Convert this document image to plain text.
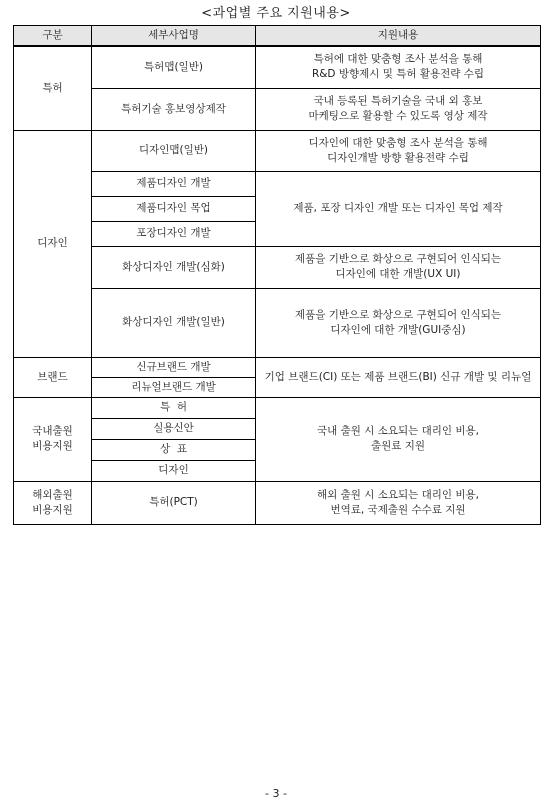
<과업별 주요 지원내용>
구분	세부사업명	지원내용
특허	특허맵(일반)	특허에 대한 맞춤형 조사 분석을 통해
R&D 방향제시 및 특허 활용전략 수립

	특허기술 홍보영상제작	국내 등록된 특허기술을 국내 외 홍보
마케팅으로 활용할 수 있도록 영상 제작

디자인	디자인맵(일반)	디자인에 대한 맞춤형 조사 분석을 통해
디자인개발 방향 활용전략 수립

	제품디자인 개발	제품, 포장 디자인 개발 또는 디자인 목업 제작
	제품디자인 목업	
	포장디자인 개발	
	화상디자인 개발(심화)	제품을 기반으로 화상으로 구현되어 인식되는
디자인에 대한 개발(UX UI)

	화상디자인 개발(일반)	제품을 기반으로 화상으로 구현되어 인식되는
디자인에 대한 개발(GUI중심)

브랜드	신규브랜드 개발	기업 브랜드(CI) 또는 제품 브랜드(BI) 신규 개발 및 리뉴얼
	리뉴얼브랜드 개발	

국내출원
비용지원	특  허	국내 출원 시 소요되는 대리인 비용,
출원료 지원

	실용신안	
	상  표	
	디자인	

해외출원
비용지원	특허(PCT)	해외 출원 시 소요되는 대리인 비용,
번역료, 국제출원 수수료 지원
- 3 -
